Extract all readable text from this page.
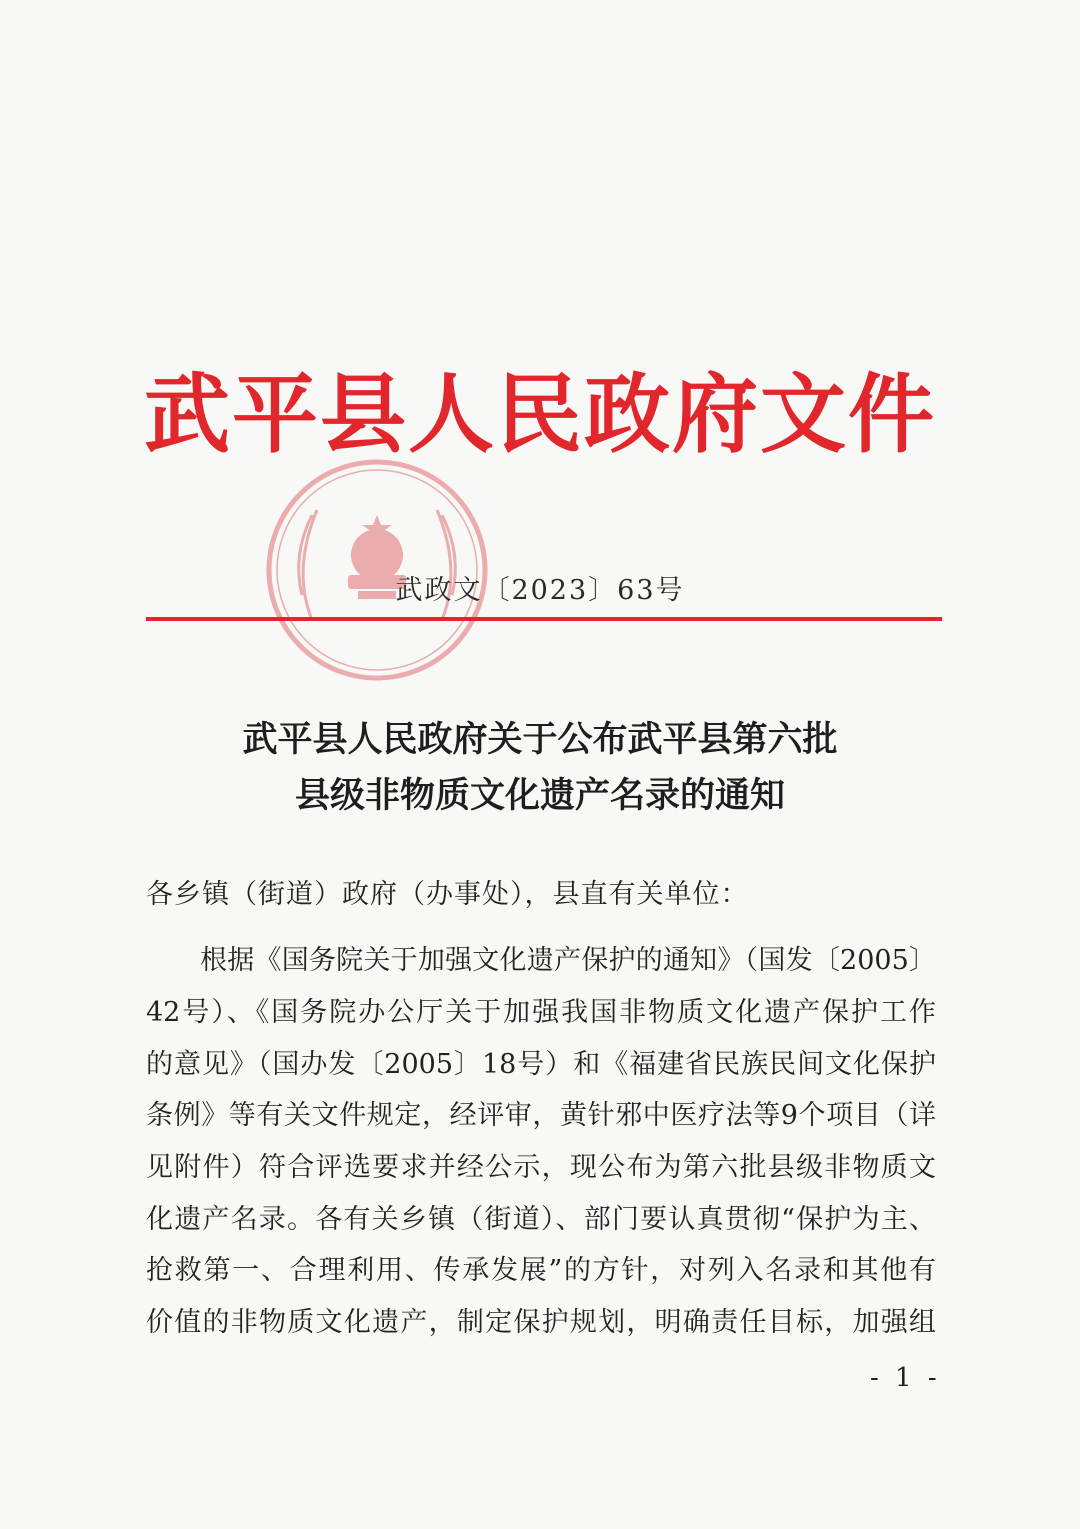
武平县人民政府文件
武政文〔2023〕63号
武平县人民政府关于公布武平县第六批
县级非物质文化遗产名录的通知
各乡镇（街道）政府（办事处），县直有关单位：
根据《国务院关于加强文化遗产保护的通知》（国发〔2005〕
42号）、《国务院办公厅关于加强我国非物质文化遗产保护工作
的意见》（国办发〔2005〕18号）和《福建省民族民间文化保护
条例》等有关文件规定，经评审，黄针邪中医疗法等9个项目（详
见附件）符合评选要求并经公示，现公布为第六批县级非物质文
化遗产名录。各有关乡镇（街道）、部门要认真贯彻“保护为主、
抢救第一、合理利用、传承发展”的方针，对列入名录和其他有
价值的非物质文化遗产，制定保护规划，明确责任目标，加强组
- 1 -
